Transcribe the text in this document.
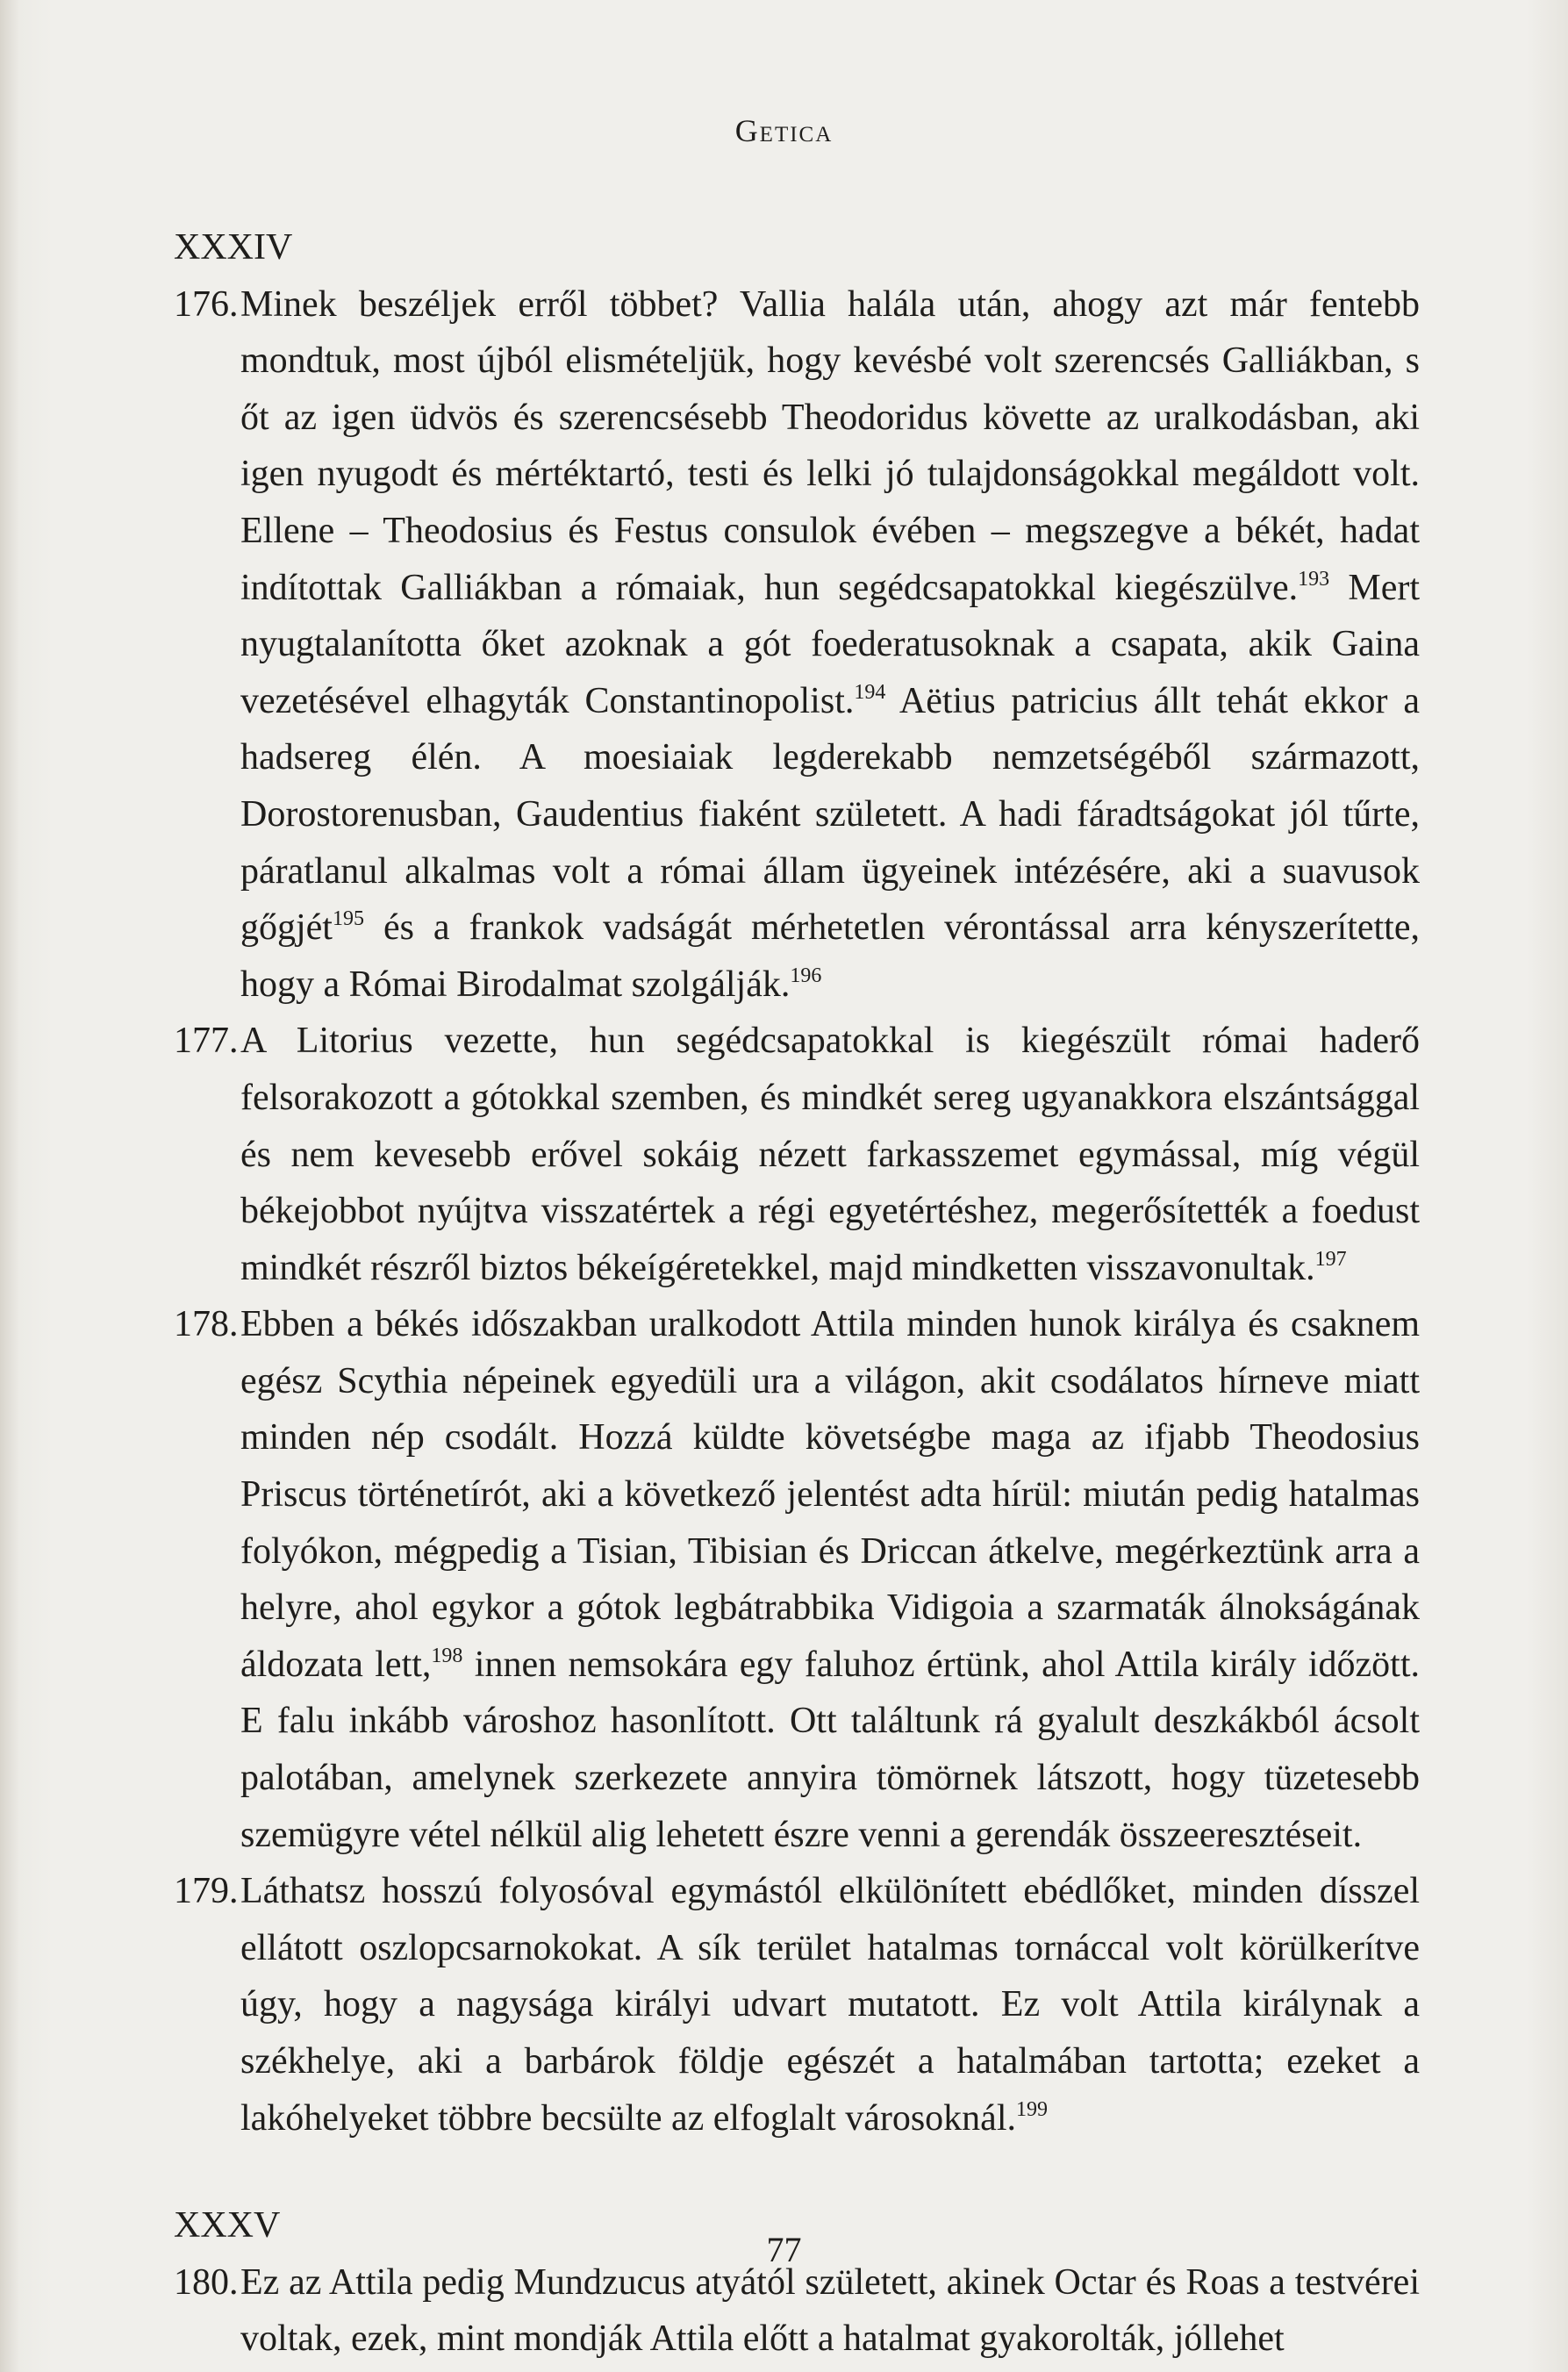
Getica
XXXIV
176. Minek beszéljek erről többet? Vallia halála után, ahogy azt már fentebb mondtuk, most újból elismételjük, hogy kevésbé volt szerencsés Galliákban, s őt az igen üdvös és szerencsésebb Theodoridus követte az uralkodásban, aki igen nyugodt és mértéktartó, testi és lelki jó tulajdonságokkal megáldott volt. Ellene – Theodosius és Festus consulok évében – megszegve a békét, hadat indítottak Galliákban a rómaiak, hun segédcsapatokkal kiegészülve.$^{193}$ Mert nyugtalanította őket azoknak a gót foederatusoknak a csapata, akik Gaina vezetésével elhagyták Constantinopolist.$^{194}$ Aëtius patricius állt tehát ekkor a hadsereg élén. A moesiaiak legderekabb nemzetségéből származott, Dorostorenusban, Gaudentius fiaként született. A hadi fáradtságokat jól tűrte, páratlanul alkalmas volt a római állam ügyeinek intézésére, aki a suavusok gőgjét$^{195}$ és a frankok vadságát mérhetetlen vérontással arra kényszerítette, hogy a Római Birodalmat szolgálják.$^{196}$
177. A Litorius vezette, hun segédcsapatokkal is kiegészült római haderő felsorakozott a gótokkal szemben, és mindkét sereg ugyanakkora elszántsággal és nem kevesebb erővel sokáig nézett farkasszemet egymással, míg végül békejobbot nyújtva visszatértek a régi egyetértéshez, megerősítették a foedust mindkét részről biztos békeígéretekkel, majd mindketten visszavonultak.$^{197}$
178. Ebben a békés időszakban uralkodott Attila minden hunok királya és csaknem egész Scythia népeinek egyedüli ura a világon, akit csodálatos hírneve miatt minden nép csodált. Hozzá küldte követségbe maga az ifjabb Theodosius Priscus történetírót, aki a következő jelentést adta hírül: miután pedig hatalmas folyókon, mégpedig a Tisian, Tibisian és Driccan átkelve, megérkeztünk arra a helyre, ahol egykor a gótok legbátrabbika Vidigoia a szarmaták álnokságának áldozata lett,$^{198}$ innen nemsokára egy faluhoz értünk, ahol Attila király időzött. E falu inkább városhoz hasonlított. Ott találtunk rá gyalult deszkákból ácsolt palotában, amelynek szerkezete annyira tömörnek látszott, hogy tüzetesebb szemügyre vétel nélkül alig lehetett észre venni a gerendák összeeresztéseit.
179. Láthatsz hosszú folyosóval egymástól elkülönített ebédlőket, minden dísszel ellátott oszlopcsarnokokat. A sík terület hatalmas tornáccal volt körülkerítve úgy, hogy a nagysága királyi udvart mutatott. Ez volt Attila királynak a székhelye, aki a barbárok földje egészét a hatalmában tartotta; ezeket a lakóhelyeket többre becsülte az elfoglalt városoknál.$^{199}$
XXXV
180. Ez az Attila pedig Mundzucus atyától született, akinek Octar és Roas a testvérei voltak, ezek, mint mondják Attila előtt a hatalmat gyakorolták, jóllehet
77
